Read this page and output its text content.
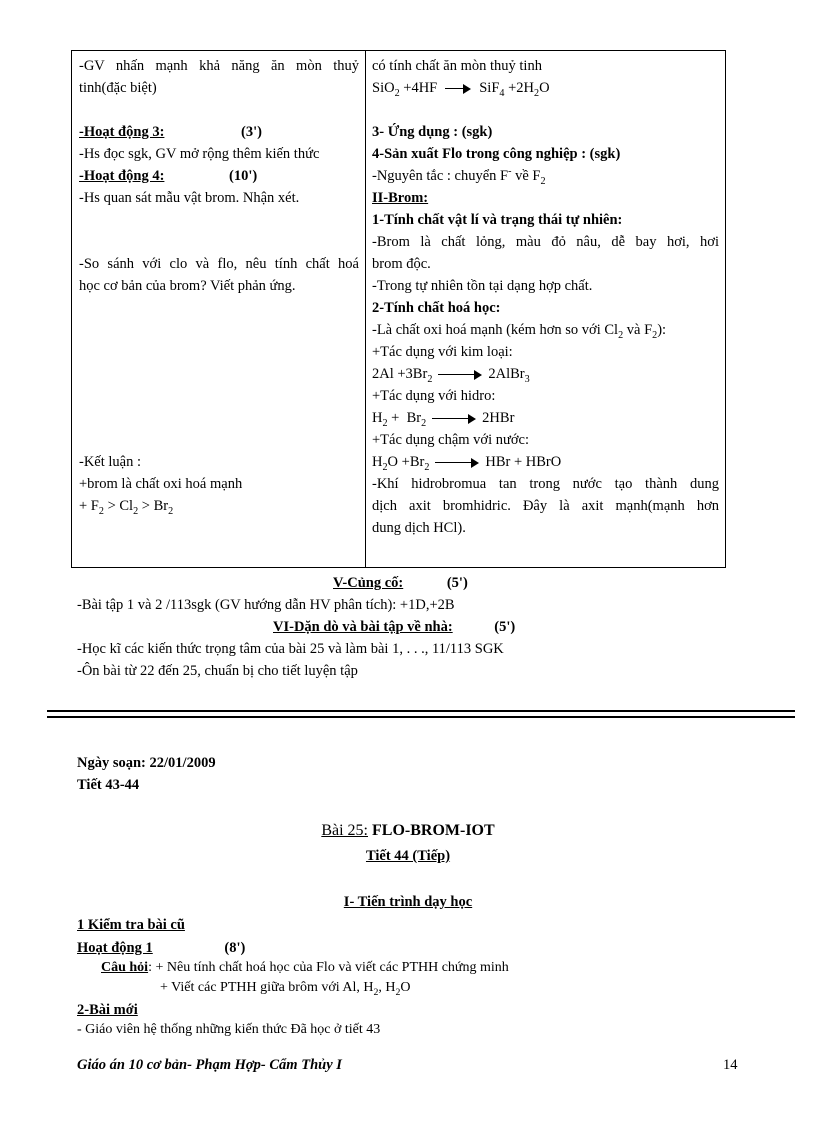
-GV nhấn mạnh khả năng ăn mòn thuỷ
tinh(đặc biệt)
-Hoạt động 3:	(3')
-Hs đọc sgk, GV mở rộng thêm kiến thức
-Hoạt động 4:	(10')
-Hs quan sát mẫu vật brom. Nhận xét.
-So sánh với clo và flo, nêu tính chất hoá
học cơ bản của brom? Viết phản ứng.
-Kết luận :
+brom là chất oxi hoá mạnh
+ $F_2 > Cl_2 > Br_2$
có tính chất ăn mòn thuỷ tinh
SiO$_2$ +4HF	$SiF_4 +2H_2O$
3- Ứng dụng : (sgk)
4-Sản xuất Flo trong công nghiệp : (sgk)
-Nguyên tắc : chuyển F- về $F_2$
II-Brom:
1-Tính chất vật lí và trạng thái tự nhiên:
-Brom là chất lỏng, màu đỏ nâu, dễ bay hơi, hơi
brom độc.
-Trong tự nhiên tồn tại dạng hợp chất.
2-Tính chất hoá học:
-Là chất oxi hoá mạnh (kém hơn so với $Cl_2$ và $F_2$):
+Tác dụng với kim loại:
$2Al +3Br_2$	2AlBr$_3$
+Tác dụng với hidro:
$H_2 + Br_2$	2HBr
+Tác dụng chậm với nước:
$H_2O +Br_2$	HBr + HBrO
-Khí hidrobromua tan trong nước tạo thành dung
dịch axit bromhidric. Đây là axit mạnh(mạnh hơn
dung dịch HCl).
V-Củng cố:	(5')
-Bài tập 1 và 2 /113sgk (GV hướng dẫn HV phân tích): +1D,+2B
VI-Dặn dò và bài tập về nhà:	(5')
-Học kĩ các kiến thức trọng tâm của bài 25 và làm bài 1, . . ., 11/113 SGK
-Ôn bài từ 22 đến 25, chuẩn bị cho tiết luyện tập
Ngày soạn: 22/01/2009
Tiết 43-44
Bài 25: FLO-BROM-IOT
Tiết 44 (Tiếp)
I- Tiến trình dạy học
1 Kiểm tra bài cũ
Hoạt động 1	(8')
Câu hỏi: + Nêu tính chất hoá học của Flo và viết các PTHH chứng minh
+ Viết các PTHH giữa brôm với Al, $H_2$, $H_2O$
2-Bài mới
- Giáo viên hệ thống những kiến thức Đã học ở tiết 43
Giáo án 10 cơ bản- Phạm Hợp- Cẩm Thủy I	14
